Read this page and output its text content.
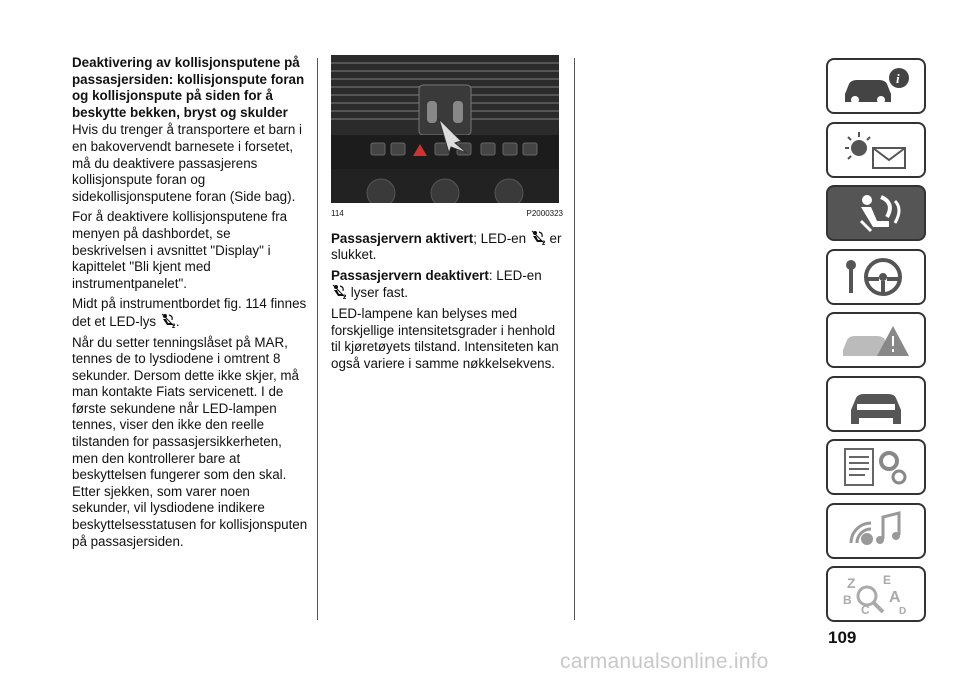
Deaktivering av kollisjonsputene på passasjersiden: kollisjonspute foran og kollisjonspute på siden for å beskytte bekken, bryst og skulder

Hvis du trenger å transportere et barn i en bakovervendt barnesete i forsetet, må du deaktivere passasjerens kollisjonspute foran og sidekollisjonsputene foran (Side bag).

For å deaktivere kollisjonsputene fra menyen på dashbordet, se beskrivelsen i avsnittet "Display" i kapittelet "Bli kjent med instrumentpanelet".

Midt på instrumentbordet fig. 114 finnes det et LED-lys	2 .

Når du setter tenningslåset på MAR, tennes de to lysdiodene i omtrent 8 sekunder. Dersom dette ikke skjer, må man kontakte Fiats servicenett. I de første sekundene når LED-lampen tennes, viser den ikke den reelle tilstanden for passasjersikkerheten, men den kontrollerer bare at beskyttelsen fungerer som den skal. Etter sjekken, som varer noen sekunder, vil lysdiodene indikere beskyttelsesstatusen for kollisjonsputen på passasjersiden.

114	P2000323

Passasjervern aktivert; LED-en	2 er slukket.

Passasjervern deaktivert: LED-en

2 lyser fast.

LED-lampene kan belyses med forskjellige intensitetsgrader i henhold til kjøretøyets tilstand. Intensiteten kan også variere i samme nøkkelsekvens.

i
Z E
B A
C	D
109
carmanualsonline.info
